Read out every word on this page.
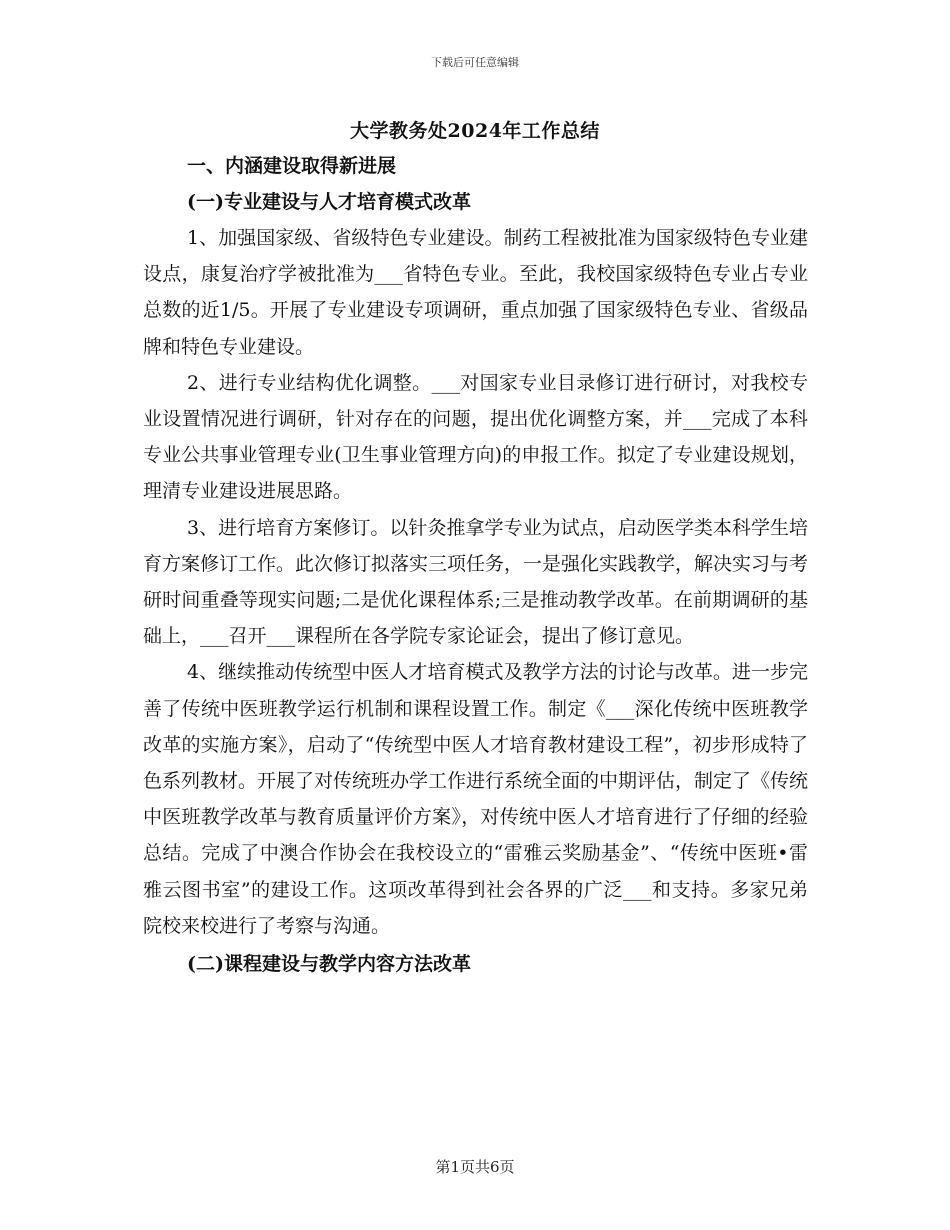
下载后可任意编辑
大学教务处2024年工作总结
一、内涵建设取得新进展
(一)专业建设与人才培育模式改革

1、加强国家级、省级特色专业建设。制药工程被批准为国家级特色专业建设点，康复治疗学被批准为___省特色专业。至此，我校国家级特色专业占专业总数的近1/5。开展了专业建设专项调研，重点加强了国家级特色专业、省级品牌和特色专业建设。

2、进行专业结构优化调整。___对国家专业目录修订进行研讨，对我校专业设置情况进行调研，针对存在的问题，提出优化调整方案，并___完成了本科专业公共事业管理专业(卫生事业管理方向)的申报工作。拟定了专业建设规划，理清专业建设进展思路。

3、进行培育方案修订。以针灸推拿学专业为试点，启动医学类本科学生培育方案修订工作。此次修订拟落实三项任务，一是强化实践教学，解决实习与考研时间重叠等现实问题;二是优化课程体系;三是推动教学改革。在前期调研的基础上，___召开___课程所在各学院专家论证会，提出了修订意见。

4、继续推动传统型中医人才培育模式及教学方法的讨论与改革。进一步完善了传统中医班教学运行机制和课程设置工作。制定《___深化传统中医班教学改革的实施方案》，启动了“传统型中医人才培育教材建设工程”，初步形成特了色系列教材。开展了对传统班办学工作进行系统全面的中期评估，制定了《传统中医班教学改革与教育质量评价方案》，对传统中医人才培育进行了仔细的经验总结。完成了中澳合作协会在我校设立的“雷雅云奖励基金”、“传统中医班•雷雅云图书室”的建设工作。这项改革得到社会各界的广泛___和支持。多家兄弟院校来校进行了考察与沟通。

(二)课程建设与教学内容方法改革
第1页共6页
